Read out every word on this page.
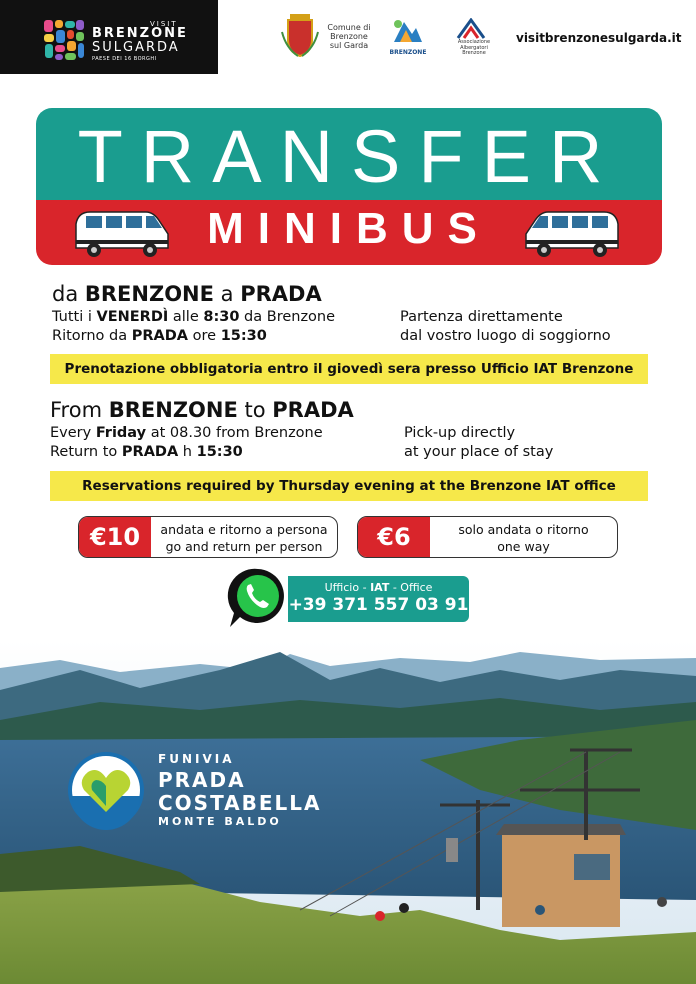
VISIT
BRENZONE
SULGARDA
PAESE DEI 16 BORGHI
Comune di Brenzone sul Garda
BRENZONE
Associazione Albergatori Brenzone
visitbrenzonesulgarda.it
TRANSFER
MINIBUS
da BRENZONE a PRADA
Tutti i VENERDÌ alle 8:30 da Brenzone
Ritorno da PRADA ore 15:30
Partenza direttamente
dal vostro luogo di soggiorno
Prenotazione obbligatoria entro il giovedì sera presso Ufficio IAT Brenzone
From BRENZONE to PRADA
Every Friday at 08.30 from Brenzone
Return to PRADA h 15:30
Pick-up directly
at your place of stay
Reservations required by Thursday evening at the Brenzone IAT office
€10	andata e ritorno a persona
go and return per person	€6	solo andata o ritorno
one way
Ufficio - IAT - Office
+39 371 557 03 91
FUNIVIA
PRADA
COSTABELLA
MONTE BALDO
